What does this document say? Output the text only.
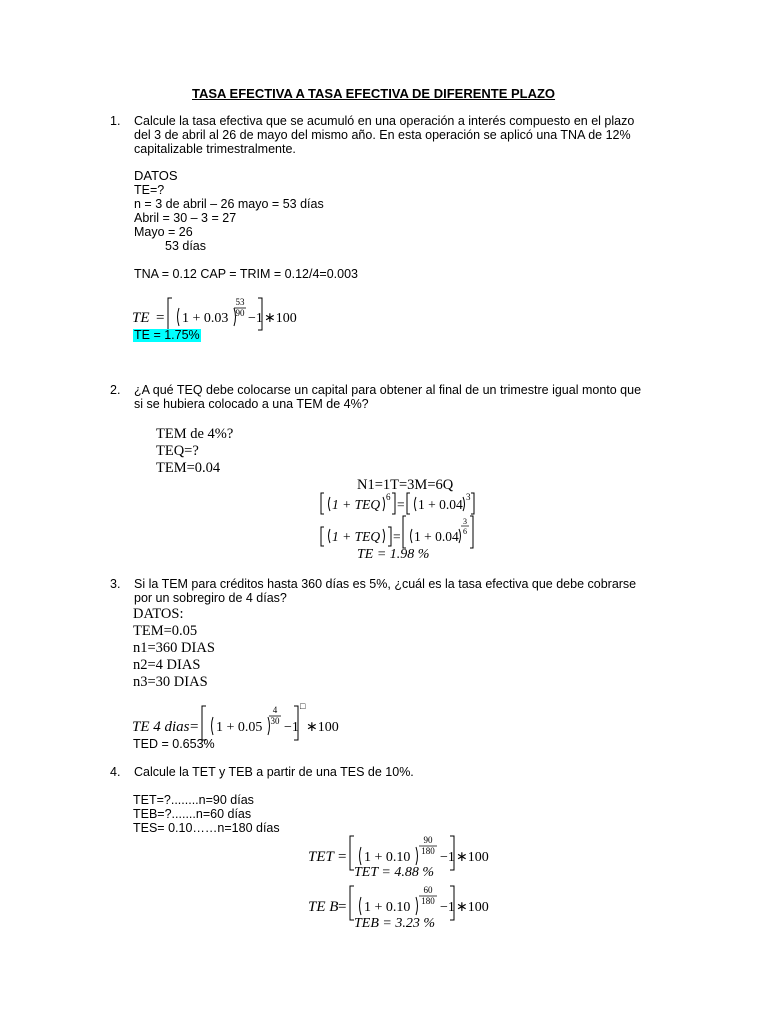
TASA EFECTIVA A TASA EFECTIVA DE DIFERENTE PLAZO
1. Calcule la tasa efectiva que se acumuló en una operación a interés compuesto en el plazo
del 3 de abril al 26 de mayo del mismo año. En esta operación se aplicó una TNA de 12%
capitalizable trimestralmente.
DATOS
TE=?
n = 3 de abril – 26 mayo = 53 días
Abril = 30 – 3 = 27
Mayo = 26
53 días
TNA = 0.12 CAP = TRIM = 0.12/4=0.003
TE = 1 + 0.03
53
90 −1 ∗100
TE = 1.75%
2. ¿A qué TEQ debe colocarse un capital para obtener al final de un trimestre igual monto que
si se hubiera colocado a una TEM de 4%?
TEM de 4%?
TEQ=?
TEM=0.04
N1=1T=3M=6Q
1 + TEQ 6 = 1 + 0.04 3
1 + TEQ = 1 + 0.04
3
6
TE = 1.98 %
3. Si la TEM para créditos hasta 360 días es 5%, ¿cuál es la tasa efectiva que debe cobrarse
por un sobregiro de 4 días?
DATOS:
TEM=0.05
n1=360 DIAS
n2=4 DIAS
n3=30 DIAS
TE 4 dias = 1 + 0.05
4
30 −1
□
∗100
TED = 0.653%
4. Calcule la TET y TEB a partir de una TES de 10%.
TET=?........n=90 días
TEB=?.......n=60 días
TES= 0.10……n=180 días
TET = 1 + 0.10
90
180 −1 ∗100
TET = 4.88 %
TE B = 1 + 0.10
60
180 −1 ∗100
TEB = 3.23 %
